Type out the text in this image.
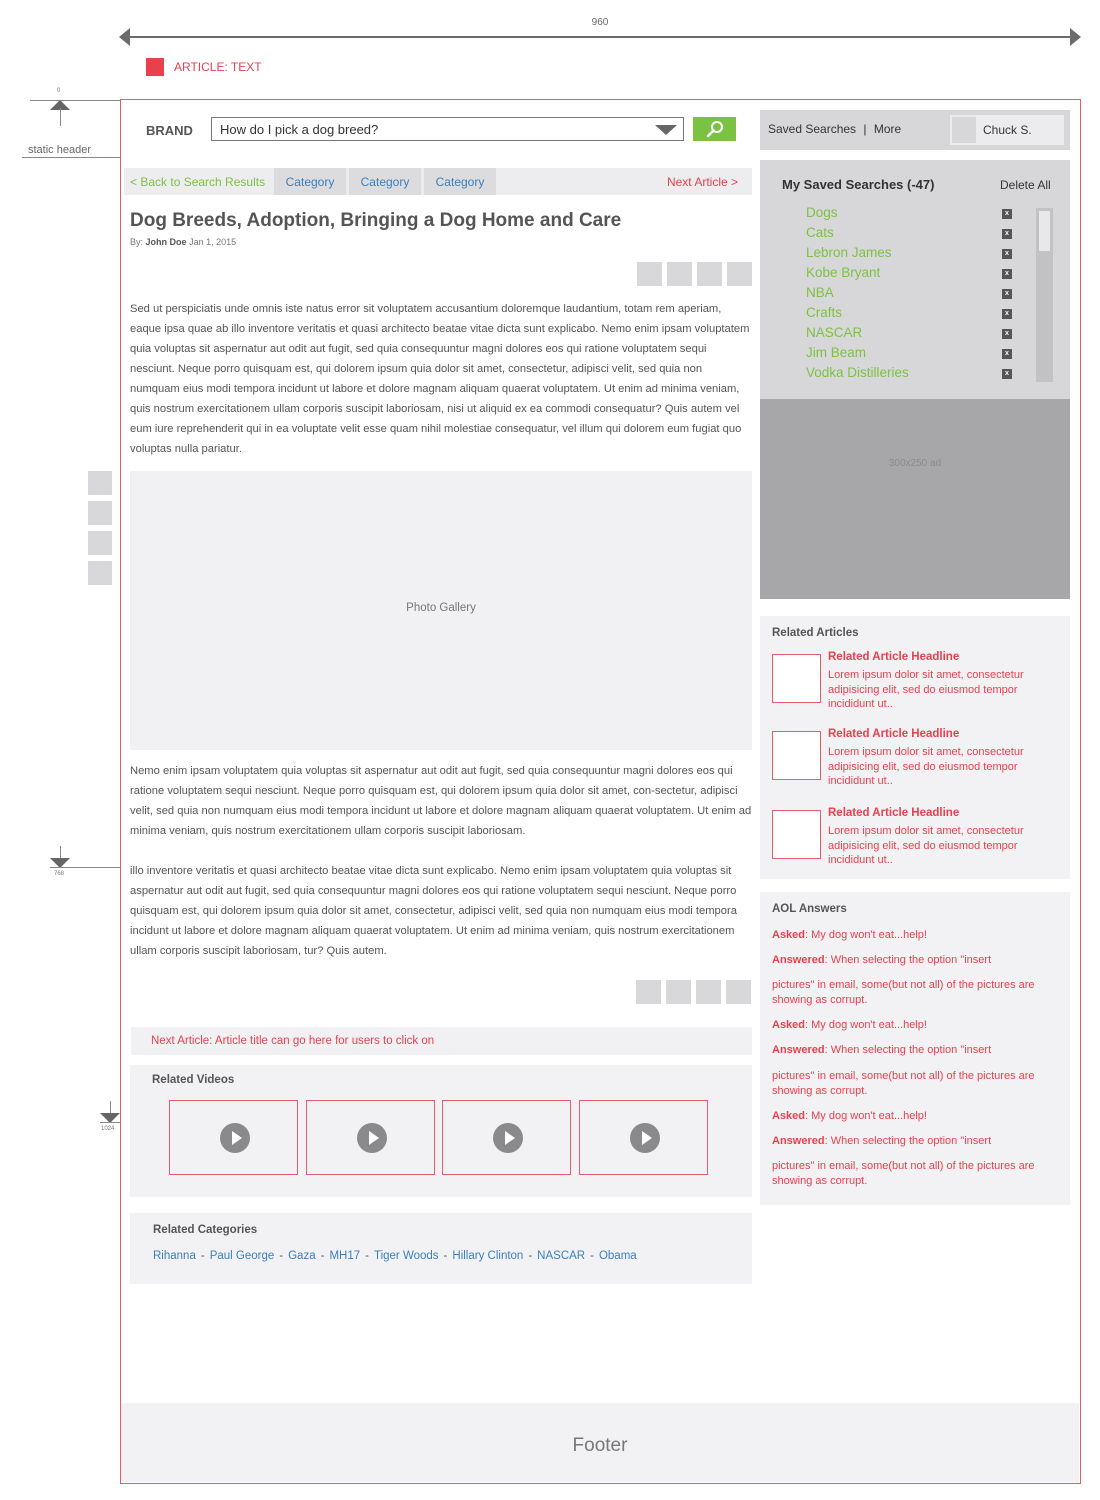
960
ARTICLE: TEXT
0
static header
768
1024
BRAND How do I pick a dog breed?	Saved Searches | More	Chuck S.
< Back to Search Results	Category	Category	Category	Next Article >
Dog Breeds, Adoption, Bringing a Dog Home and Care
By: John Doe Jan 1, 2015
Sed ut perspiciatis unde omnis iste natus error sit voluptatem accusantium doloremque laudantium, totam rem aperiam, eaque ipsa quae ab illo inventore veritatis et quasi architecto beatae vitae dicta sunt explicabo. Nemo enim ipsam voluptatem quia voluptas sit aspernatur aut odit aut fugit, sed quia consequuntur magni dolores eos qui ratione voluptatem sequi nesciunt. Neque porro quisquam est, qui dolorem ipsum quia dolor sit amet, consectetur, adipisci velit, sed quia non numquam eius modi tempora incidunt ut labore et dolore magnam aliquam quaerat voluptatem. Ut enim ad minima veniam, quis nostrum exercitationem ullam corporis suscipit laboriosam, nisi ut aliquid ex ea commodi consequatur? Quis autem vel eum iure reprehenderit qui in ea voluptate velit esse quam nihil molestiae consequatur, vel illum qui dolorem eum fugiat quo voluptas nulla pariatur.
Photo Gallery
Nemo enim ipsam voluptatem quia voluptas sit aspernatur aut odit aut fugit, sed quia consequuntur magni dolores eos qui ratione voluptatem sequi nesciunt. Neque porro quisquam est, qui dolorem ipsum quia dolor sit amet, con-sectetur, adipisci velit, sed quia non numquam eius modi tempora incidunt ut labore et dolore magnam aliquam quaerat voluptatem. Ut enim ad minima veniam, quis nostrum exercitationem ullam corporis suscipit laboriosam.
illo inventore veritatis et quasi architecto beatae vitae dicta sunt explicabo. Nemo enim ipsam voluptatem quia voluptas sit aspernatur aut odit aut fugit, sed quia consequuntur magni dolores eos qui ratione voluptatem sequi nesciunt. Neque porro quisquam est, qui dolorem ipsum quia dolor sit amet, consectetur, adipisci velit, sed quia non numquam eius modi tempora incidunt ut labore et dolore magnam aliquam quaerat voluptatem. Ut enim ad minima veniam, quis nostrum exercitationem ullam corporis suscipit laboriosam, tur? Quis autem.
Next Article: Article title can go here for users to click on
Related Videos
Related Categories
Rihanna - Paul George - Gaza - MH17 - Tiger Woods - Hillary Clinton - NASCAR - Obama
My Saved Searches (-47)	Delete All
Dogs
Cats
Lebron James
Kobe Bryant
NBA
Crafts
NASCAR
Jim Beam
Vodka Distilleries
x
x
x
x
x
x
x
x
x
300x250 ad
Related Articles
Related Article Headline
Lorem ipsum dolor sit amet, consectetur adipisicing elit, sed do eiusmod tempor incididunt ut..
Related Article Headline
Lorem ipsum dolor sit amet, consectetur adipisicing elit, sed do eiusmod tempor incididunt ut..
Related Article Headline
Lorem ipsum dolor sit amet, consectetur adipisicing elit, sed do eiusmod tempor incididunt ut..
AOL Answers
Asked: My dog won't eat...help!
Answered: When selecting the option "insert
pictures" in email, some(but not all) of the pictures are showing as corrupt.
Asked: My dog won't eat...help!
Answered: When selecting the option "insert
pictures" in email, some(but not all) of the pictures are showing as corrupt.
Asked: My dog won't eat...help!
Answered: When selecting the option "insert
pictures" in email, some(but not all) of the pictures are showing as corrupt.
Footer
